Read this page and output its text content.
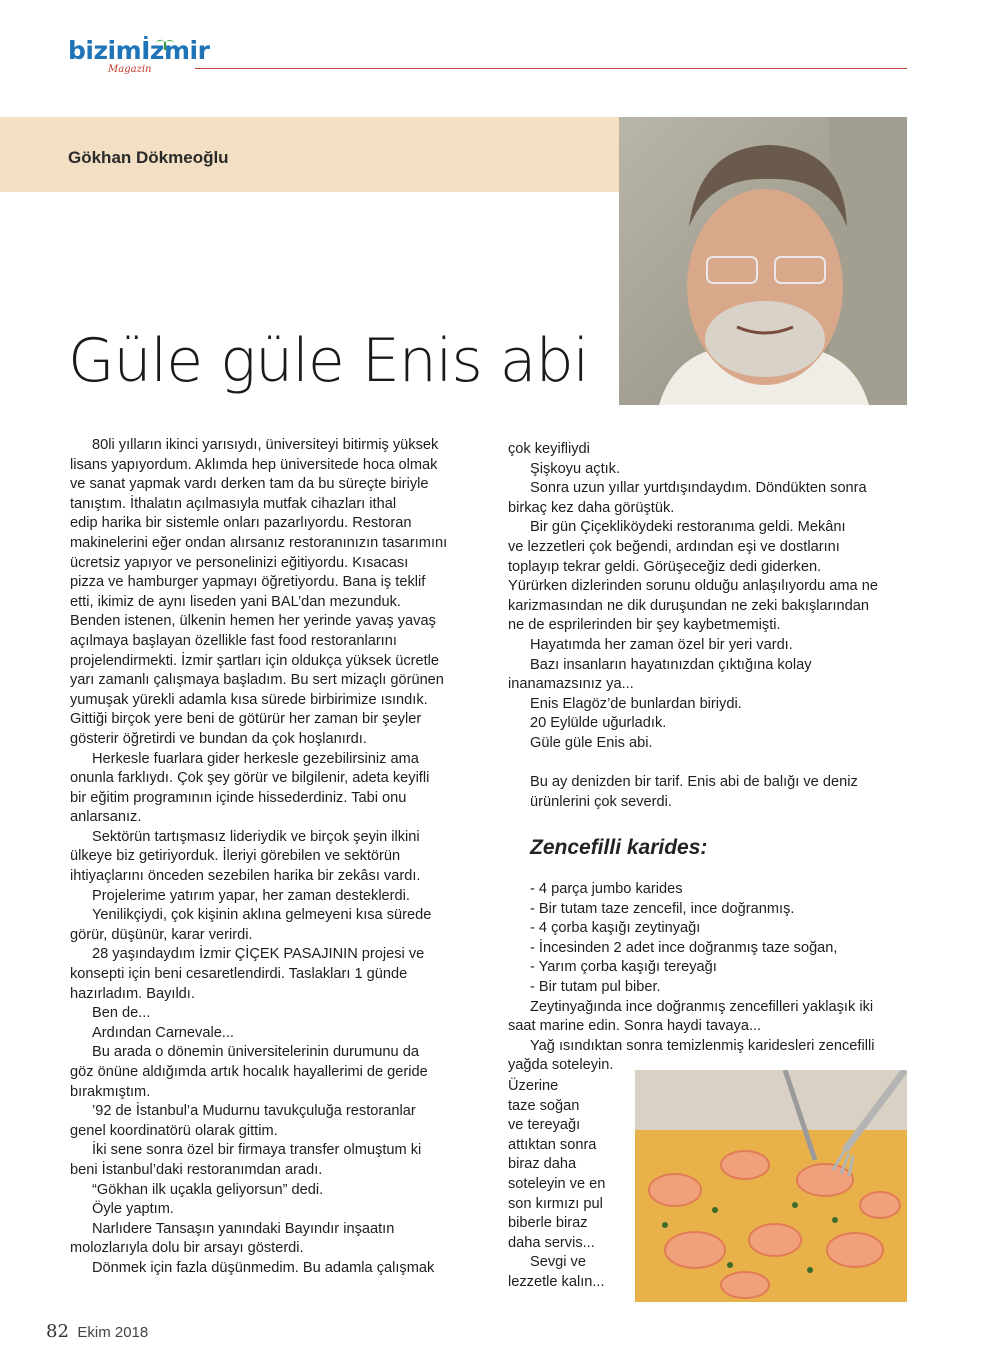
bizimİzmir
Magazin
Gökhan Dökmeoğlu
Güle güle Enis abi

80li yılların ikinci yarısıydı, üniversiteyi bitirmiş yüksek

lisans yapıyordum. Aklımda hep üniversitede hoca olmak

ve sanat yapmak vardı derken tam da bu süreçte biriyle

tanıştım. İthalatın açılmasıyla mutfak cihazları ithal

edip harika bir sistemle onları pazarlıyordu. Restoran

makinelerini eğer ondan alırsanız restoranınızın tasarımını

ücretsiz yapıyor ve personelinizi eğitiyordu. Kısacası

pizza ve hamburger yapmayı öğretiyordu. Bana iş teklif

etti, ikimiz de aynı liseden yani BAL’dan mezunduk.

Benden istenen, ülkenin hemen her yerinde yavaş yavaş

açılmaya başlayan özellikle fast food restoranlarını

projelendirmekti. İzmir şartları için oldukça yüksek ücretle

yarı zamanlı çalışmaya başladım. Bu sert mizaçlı görünen

yumuşak yürekli adamla kısa sürede birbirimize ısındık.

Gittiği birçok yere beni de götürür her zaman bir şeyler

gösterir öğretirdi ve bundan da çok hoşlanırdı.

Herkesle fuarlara gider herkesle gezebilirsiniz ama

onunla farklıydı. Çok şey görür ve bilgilenir, adeta keyifli

bir eğitim programının içinde hissederdiniz. Tabi onu

anlarsanız.

Sektörün tartışmasız lideriydik ve birçok şeyin ilkini

ülkeye biz getiriyorduk. İleriyi görebilen ve sektörün

ihtiyaçlarını önceden sezebilen harika bir zekâsı vardı.

Projelerime yatırım yapar, her zaman desteklerdi.

Yenilikçiydi, çok kişinin aklına gelmeyeni kısa sürede

görür, düşünür, karar verirdi.

28 yaşındaydım İzmir ÇİÇEK PASAJININ projesi ve

konsepti için beni cesaretlendirdi. Taslakları 1 günde

hazırladım. Bayıldı.

Ben de...

Ardından Carnevale...

Bu arada o dönemin üniversitelerinin durumunu da

göz önüne aldığımda artık hocalık hayallerimi de geride

bırakmıştım.

’92 de İstanbul’a Mudurnu tavukçuluğa restoranlar

genel koordinatörü olarak gittim.

İki sene sonra özel bir firmaya transfer olmuştum ki

beni İstanbul’daki restoranımdan aradı.

“Gökhan ilk uçakla geliyorsun” dedi.

Öyle yaptım.

Narlıdere Tansaşın yanındaki Bayındır inşaatın

molozlarıyla dolu bir arsayı gösterdi.

Dönmek için fazla düşünmedim. Bu adamla çalışmak

çok keyifliydi

Şişkoyu açtık.

Sonra uzun yıllar yurtdışındaydım. Döndükten sonra

birkaç kez daha görüştük.

Bir gün Çiçekliköydeki restoranıma geldi. Mekânı

ve lezzetleri çok beğendi, ardından eşi ve dostlarını

toplayıp tekrar geldi. Görüşeceğiz dedi giderken.

Yürürken dizlerinden sorunu olduğu anlaşılıyordu ama ne

karizmasından ne dik duruşundan ne zeki bakışlarından

ne de esprilerinden bir şey kaybetmemişti.

Hayatımda her zaman özel bir yeri vardı.

Bazı insanların hayatınızdan çıktığına kolay

inanamazsınız ya...

Enis Elagöz’de bunlardan biriydi.

20 Eylülde uğurladık.

Güle güle Enis abi.

Bu ay denizden bir tarif. Enis abi de balığı ve deniz

ürünlerini çok severdi.

Zencefilli karides:

- 4 parça jumbo karides

- Bir tutam taze zencefil, ince doğranmış.

- 4 çorba kaşığı zeytinyağı

- İncesinden 2 adet ince doğranmış taze soğan,

- Yarım çorba kaşığı tereyağı

- Bir tutam pul biber.

Zeytinyağında ince doğranmış zencefilleri yaklaşık iki

saat marine edin. Sonra haydi tavaya...

Yağ ısındıktan sonra temizlenmiş karidesleri zencefilli

yağda soteleyin.

Üzerine

taze soğan

ve tereyağı

attıktan sonra

biraz daha

soteleyin ve en

son kırmızı pul

biberle biraz

daha servis...

Sevgi ve

lezzetle kalın...

82 Ekim 2018
